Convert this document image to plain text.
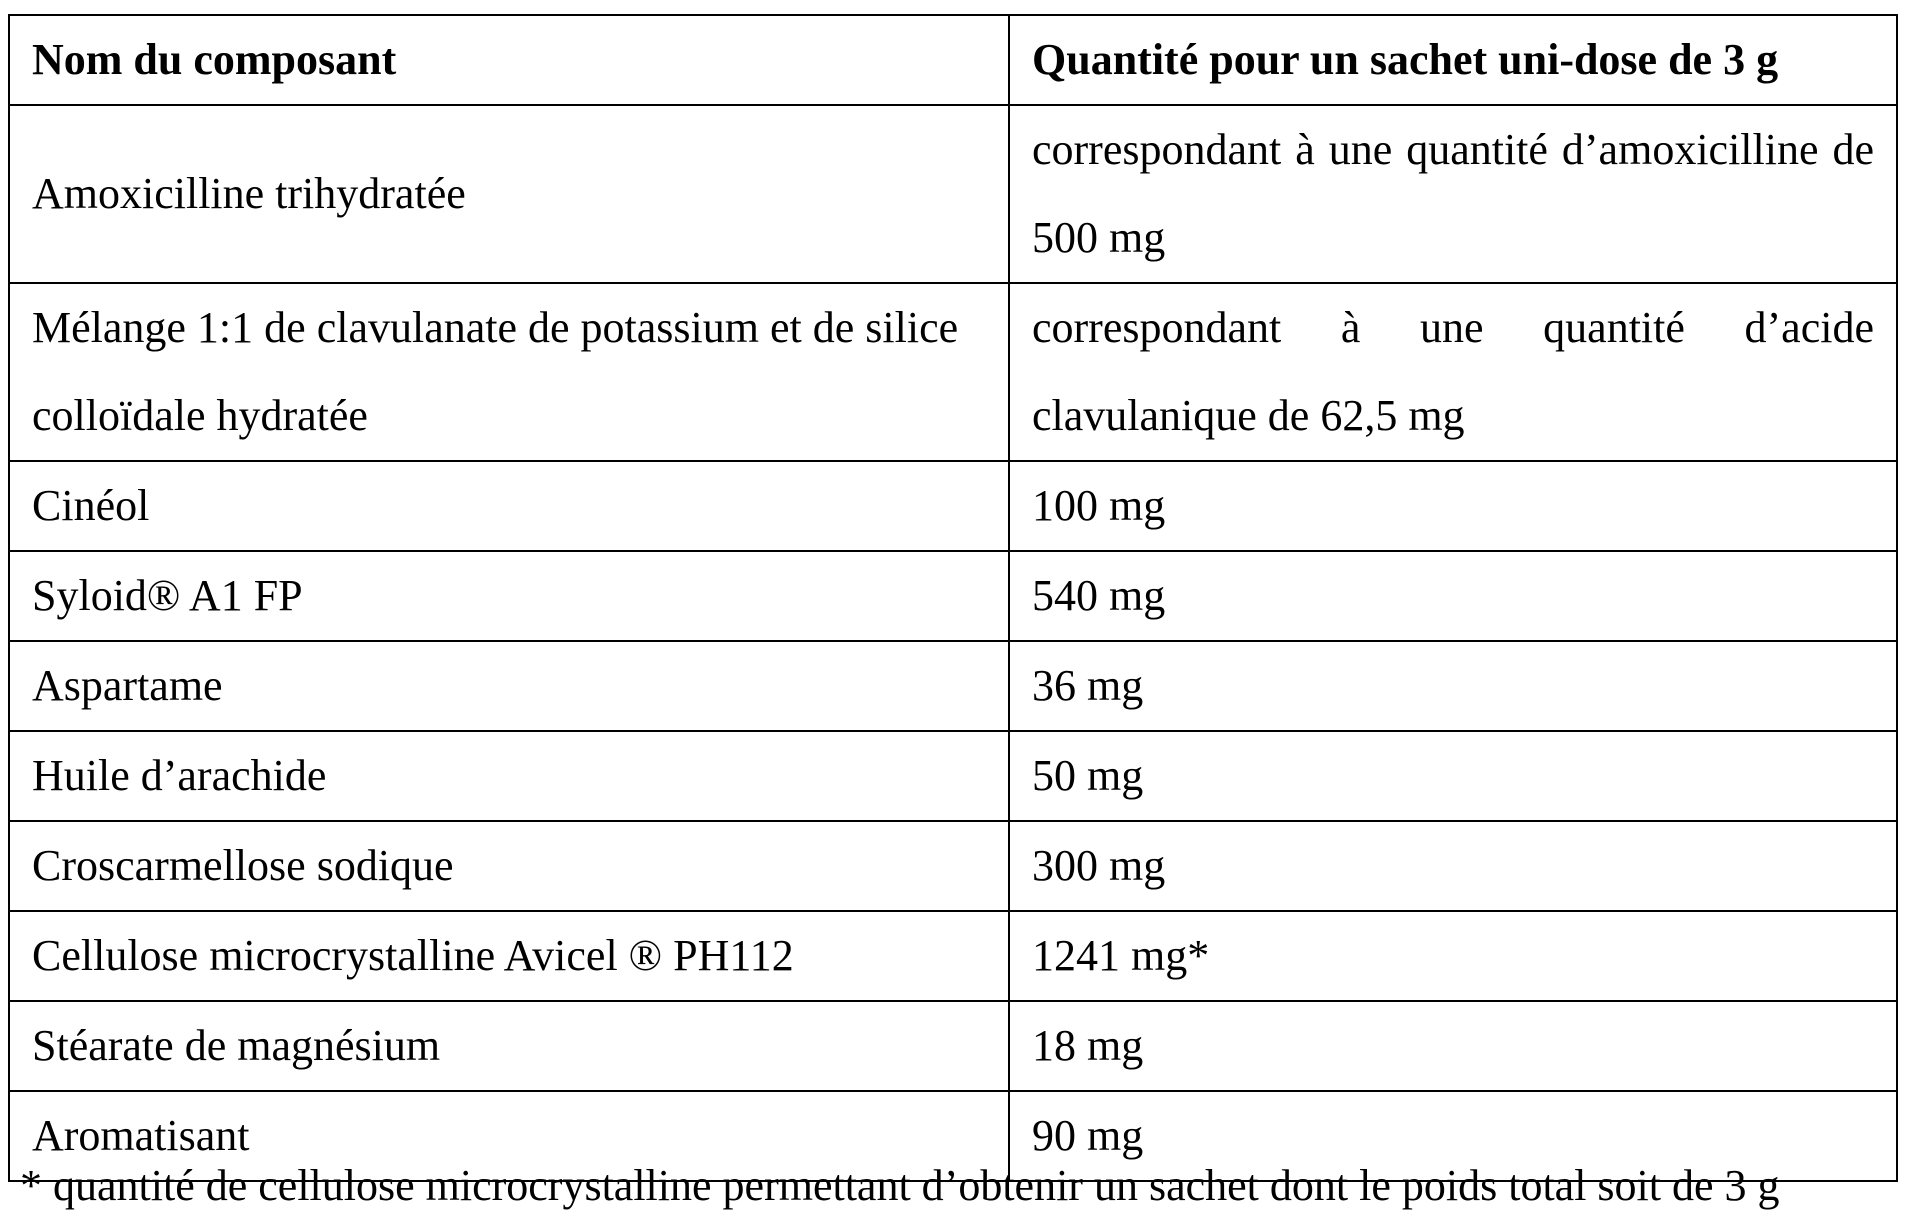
Nom du composant	Quantité pour un sachet uni-dose de 3 g
Amoxicilline trihydratée	correspondant à une quantité d’amoxicilline de 500 mg

Mélange 1:1 de clavulanate de potassium et de silice colloïdale hydratée	correspondant à une quantité d’acide clavulanique de 62,5 mg

Cinéol	100 mg
Syloid® A1 FP	540 mg
Aspartame	36 mg
Huile d’arachide	50 mg
Croscarmellose sodique	300 mg
Cellulose microcrystalline Avicel ® PH112	1241 mg*
Stéarate de magnésium	18 mg
Aromatisant	90 mg
* quantité de cellulose microcrystalline permettant d’obtenir un sachet dont le poids total soit de 3 g
